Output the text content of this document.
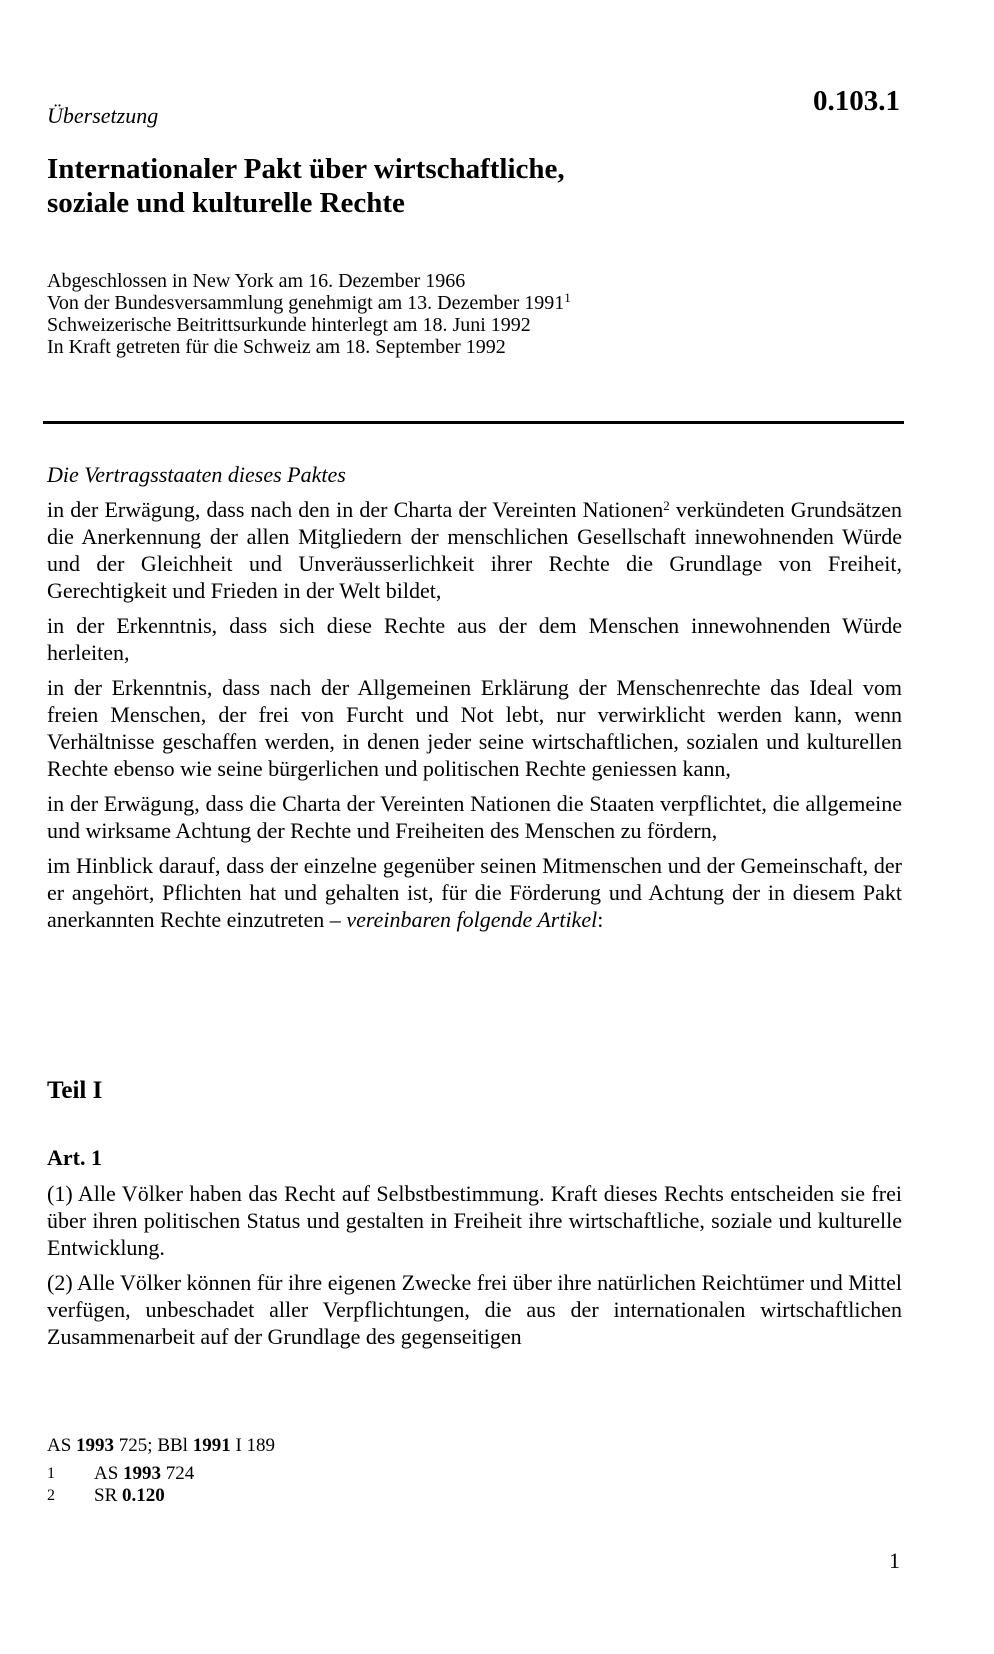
0.103.1
Übersetzung
Internationaler Pakt über wirtschaftliche,
soziale und kulturelle Rechte
Abgeschlossen in New York am 16. Dezember 1966
Von der Bundesversammlung genehmigt am 13. Dezember 1991$^1$
Schweizerische Beitrittsurkunde hinterlegt am 18. Juni 1992
In Kraft getreten für die Schweiz am 18. September 1992

Die Vertragsstaaten dieses Paktes

in der Erwägung, dass nach den in der Charta der Vereinten Nationen$^2$ verkündeten Grundsätzen die Anerkennung der allen Mitgliedern der menschlichen Gesellschaft innewohnenden Würde und der Gleichheit und Unveräusserlichkeit ihrer Rechte die Grundlage von Freiheit, Gerechtigkeit und Frieden in der Welt bildet,

in der Erkenntnis, dass sich diese Rechte aus der dem Menschen innewohnenden Würde herleiten,

in der Erkenntnis, dass nach der Allgemeinen Erklärung der Menschenrechte das Ideal vom freien Menschen, der frei von Furcht und Not lebt, nur verwirklicht werden kann, wenn Verhältnisse geschaffen werden, in denen jeder seine wirtschaftlichen, sozialen und kulturellen Rechte ebenso wie seine bürgerlichen und politischen Rechte geniessen kann,

in der Erwägung, dass die Charta der Vereinten Nationen die Staaten verpflichtet, die allgemeine und wirksame Achtung der Rechte und Freiheiten des Menschen zu fördern,

im Hinblick darauf, dass der einzelne gegenüber seinen Mitmenschen und der Gemeinschaft, der er angehört, Pflichten hat und gehalten ist, für die Förderung und Achtung der in diesem Pakt anerkannten Rechte einzutreten – vereinbaren folgende Artikel:

Teil I
Art. 1

(1) Alle Völker haben das Recht auf Selbstbestimmung. Kraft dieses Rechts entscheiden sie frei über ihren politischen Status und gestalten in Freiheit ihre wirtschaftliche, soziale und kulturelle Entwicklung.

(2) Alle Völker können für ihre eigenen Zwecke frei über ihre natürlichen Reichtümer und Mittel verfügen, unbeschadet aller Verpflichtungen, die aus der internationalen wirtschaftlichen Zusammenarbeit auf der Grundlage des gegenseitigen

AS 1993 725; BBl 1991 I 189
1	AS 1993 724
2	SR 0.120
1
